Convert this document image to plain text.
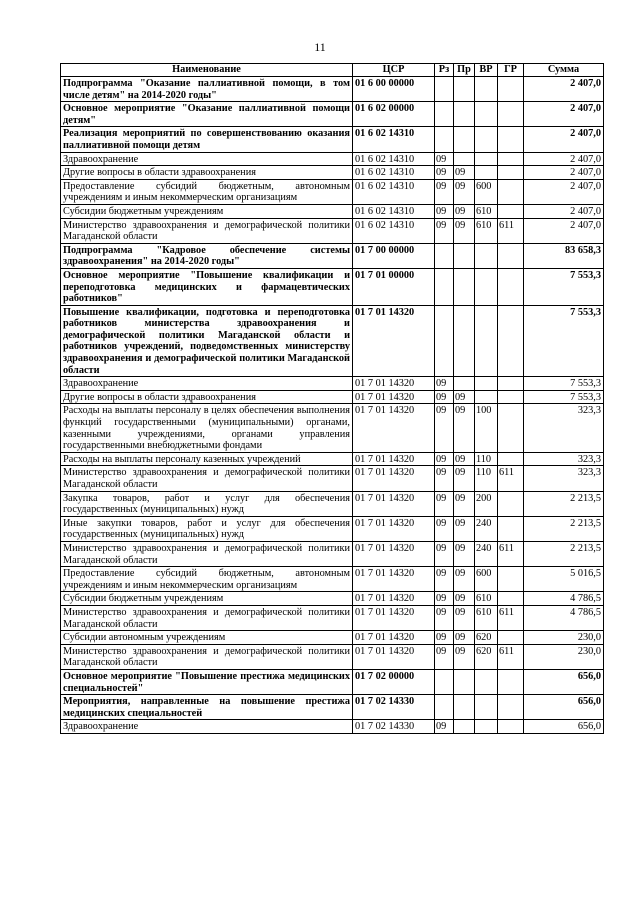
11
Наименование	ЦСР	Рз	Пр	ВР	ГР	Сумма
Подпрограмма "Оказание паллиативной помощи, в том числе детям" на 2014-2020 годы"	01 6 00 00000					2 407,0
Основное мероприятие "Оказание паллиативной помощи детям"	01 6 02 00000					2 407,0
Реализация мероприятий по совершенствованию оказания паллиативной помощи детям	01 6 02 14310					2 407,0
Здравоохранение	01 6 02 14310	09				2 407,0
Другие вопросы в области здравоохранения	01 6 02 14310	09	09			2 407,0
Предоставление субсидий бюджетным, автономным учреждениям и иным некоммерческим организациям	01 6 02 14310	09	09	600		2 407,0
Субсидии бюджетным учреждениям	01 6 02 14310	09	09	610		2 407,0
Министерство здравоохранения и демографической политики Магаданской области	01 6 02 14310	09	09	610	611	2 407,0
Подпрограмма "Кадровое обеспечение системы здравоохранения" на 2014-2020 годы"	01 7 00 00000					83 658,3
Основное мероприятие "Повышение квалификации и переподготовка медицинских и фармацевтических работников"	01 7 01 00000					7 553,3
Повышение квалификации, подготовка и переподготовка работников министерства здравоохранения и демографической политики Магаданской области и работников учреждений, подведомственных министерству здравоохранения и демографической политики Магаданской области	01 7 01 14320					7 553,3
Здравоохранение	01 7 01 14320	09				7 553,3
Другие вопросы в области здравоохранения	01 7 01 14320	09	09			7 553,3
Расходы на выплаты персоналу в целях обеспечения выполнения функций государственными (муниципальными) органами, казенными учреждениями, органами управления государственными внебюджетными фондами	01 7 01 14320	09	09	100		323,3
Расходы на выплаты персоналу казенных учреждений	01 7 01 14320	09	09	110		323,3
Министерство здравоохранения и демографической политики Магаданской области	01 7 01 14320	09	09	110	611	323,3
Закупка товаров, работ и услуг для обеспечения государственных (муниципальных) нужд	01 7 01 14320	09	09	200		2 213,5
Иные закупки товаров, работ и услуг для обеспечения государственных (муниципальных) нужд	01 7 01 14320	09	09	240		2 213,5
Министерство здравоохранения и демографической политики Магаданской области	01 7 01 14320	09	09	240	611	2 213,5
Предоставление субсидий бюджетным, автономным учреждениям и иным некоммерческим организациям	01 7 01 14320	09	09	600		5 016,5
Субсидии бюджетным учреждениям	01 7 01 14320	09	09	610		4 786,5
Министерство здравоохранения и демографической политики Магаданской области	01 7 01 14320	09	09	610	611	4 786,5
Субсидии автономным учреждениям	01 7 01 14320	09	09	620		230,0
Министерство здравоохранения и демографической политики Магаданской области	01 7 01 14320	09	09	620	611	230,0
Основное мероприятие "Повышение престижа медицинских специальностей"	01 7 02 00000					656,0
Мероприятия, направленные на повышение престижа медицинских специальностей	01 7 02 14330					656,0
Здравоохранение	01 7 02 14330	09				656,0
